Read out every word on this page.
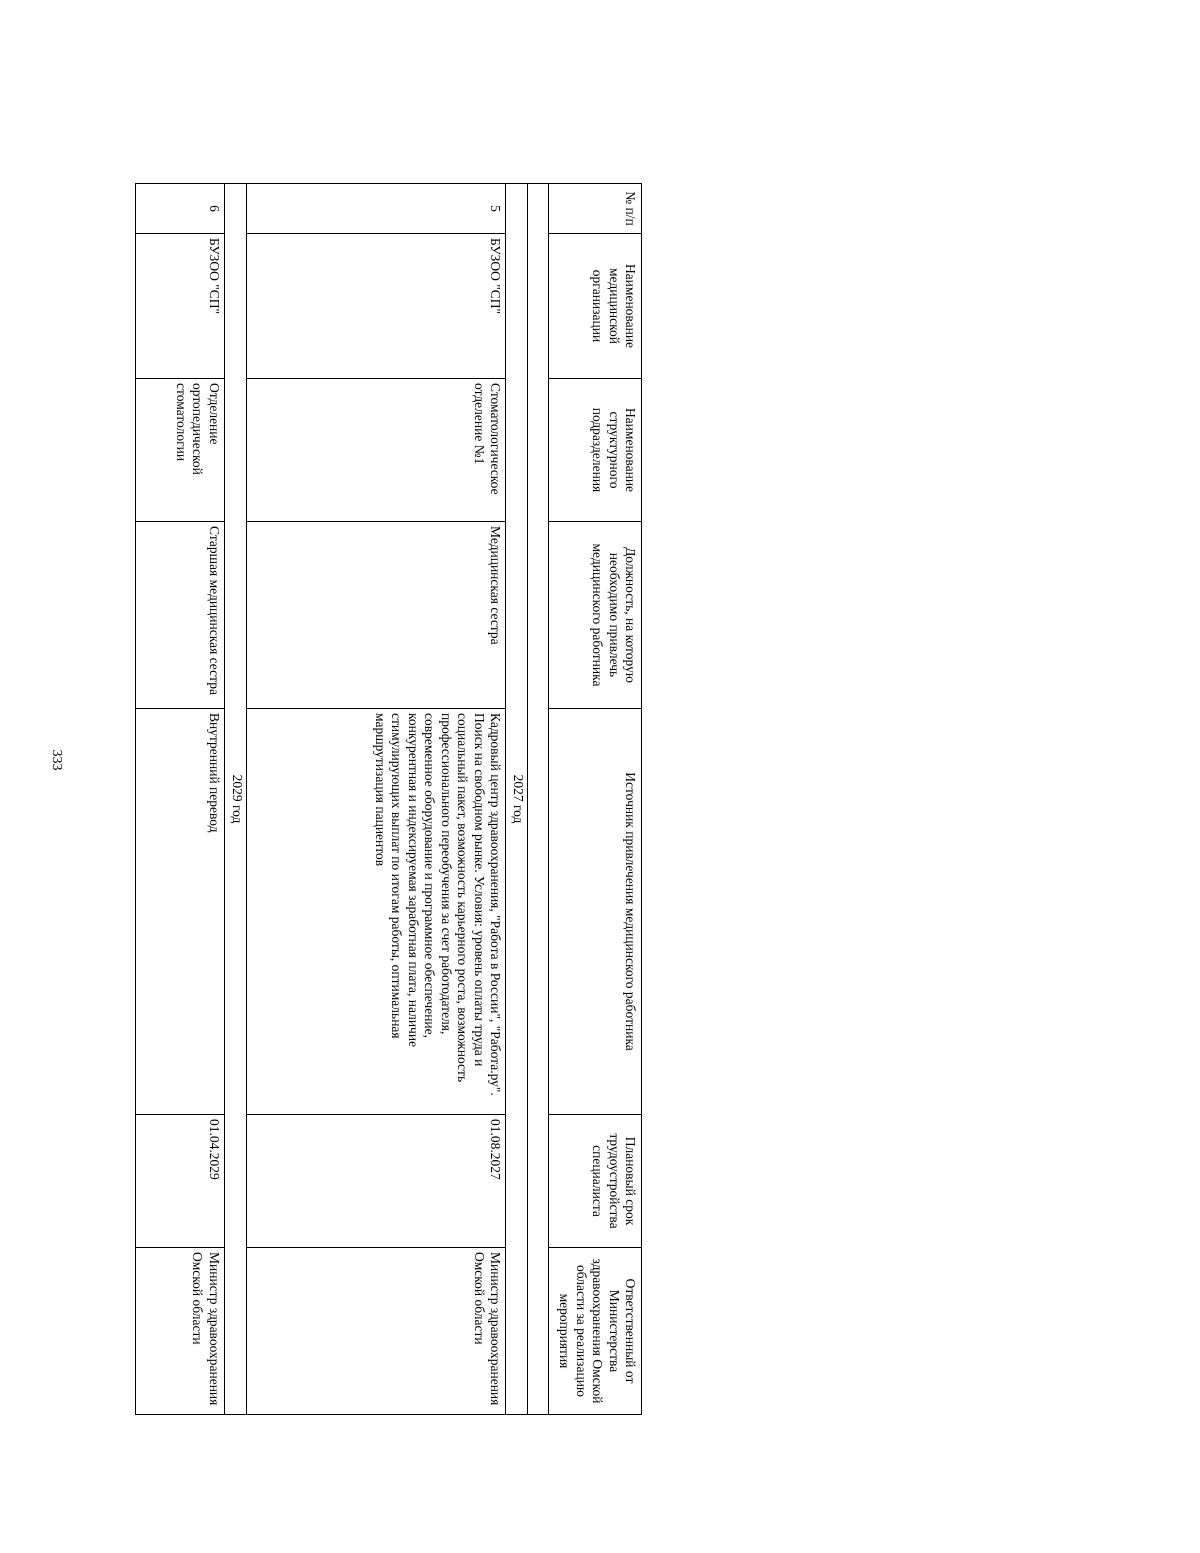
333
№ п/п	Наименование медицинской организации	Наименование структурного подразделения	Должность, на которую необходимо привлечь медицинского работника	Источник привлечения медицинского работника	Плановый срок трудоустройства специалиста	Ответственный от Министерства здравоохранения Омской области за реализацию мероприятия

2027 год						
5	БУЗОО "СП"	Стоматологическое отделение №1	Медицинская сестра	Кадровый центр здравоохранения, "Работа в России", "Работа.ру". Поиск на свободном рынке. Условия: уровень оплаты труда и социальный пакет, возможность карьерного роста, возможность профессионального переобучения за счет работодателя, современное оборудование и программное обеспечение, конкурентная и индексируемая заработная плата, наличие стимулирующих выплат по итогам работы, оптимальная маршрутизация пациентов	01.08.2027	Министр здравоохранения Омской области
2029 год						
6	БУЗОО "СП"	Отделение ортопедической стоматологии	Старшая медицинская сестра	Внутренний перевод	01.04.2029	Министр здравоохранения Омской области
